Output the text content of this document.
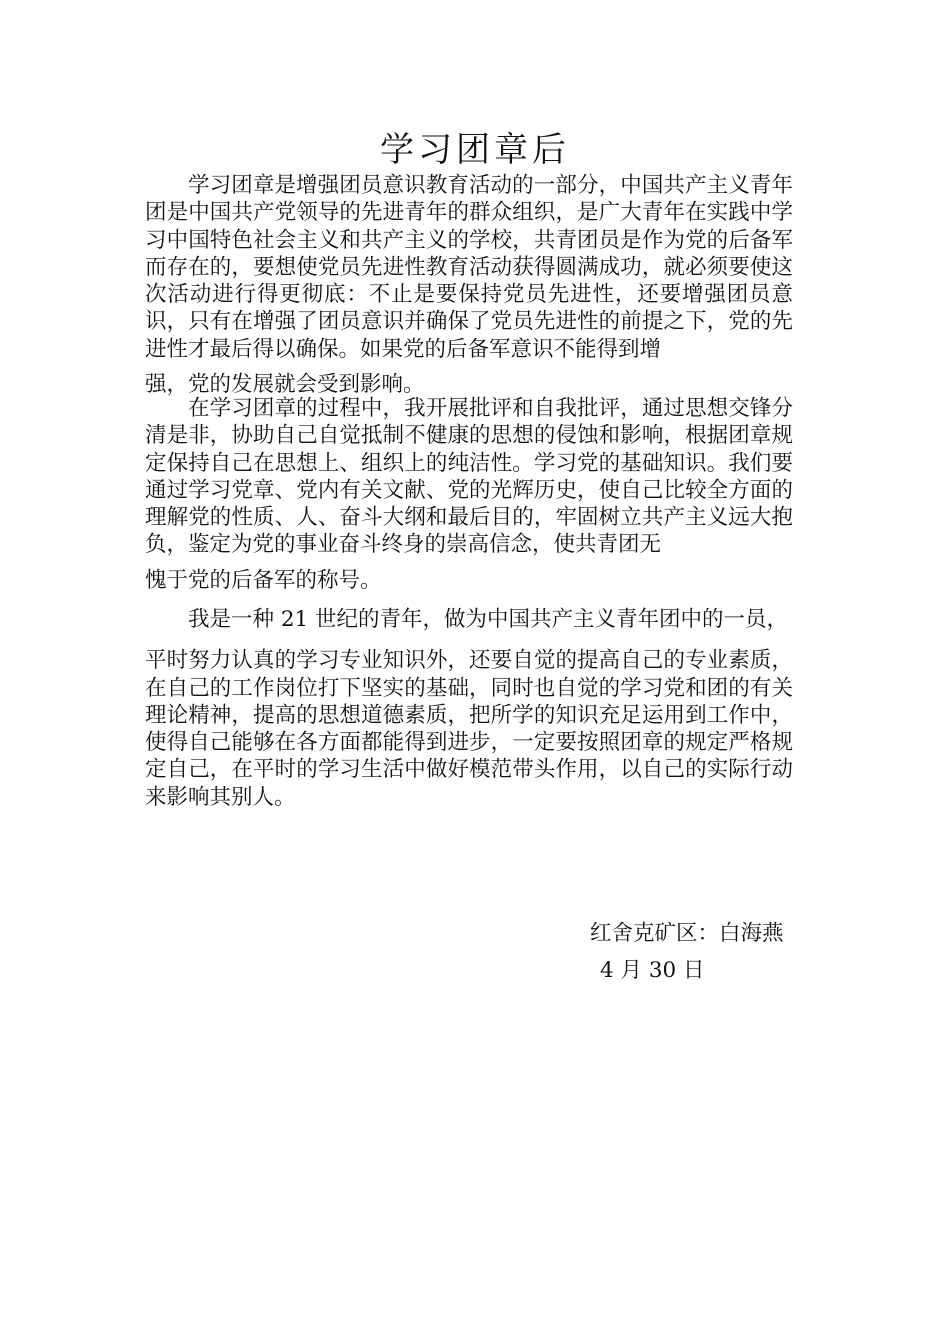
学习团章后

学习团章是增强团员意识教育活动的一部分，中国共产主义青年团是中国共产党领导的先进青年的群众组织，是广大青年在实践中学习中国特色社会主义和共产主义的学校，共青团员是作为党的后备军而存在的，要想使党员先进性教育活动获得圆满成功，就必须要使这次活动进行得更彻底：不止是要保持党员先进性，还要增强团员意识，只有在增强了团员意识并确保了党员先进性的前提之下，党的先进性才最后得以确保。如果党的后备军意识不能得到增
强，党的发展就会受到影响。

在学习团章的过程中，我开展批评和自我批评，通过思想交锋分清是非，协助自己自觉抵制不健康的思想的侵蚀和影响，根据团章规定保持自己在思想上、组织上的纯洁性。学习党的基础知识。我们要通过学习党章、党内有关文献、党的光辉历史，使自己比较全方面的理解党的性质、人、奋斗大纲和最后目的，牢固树立共产主义远大抱负，鉴定为党的事业奋斗终身的崇高信念，使共青团无
愧于党的后备军的称号。

我是一种 21 世纪的青年，做为中国共产主义青年团中的一员，
平时努力认真的学习专业知识外，还要自觉的提高自己的专业素质，在自己的工作岗位打下坚实的基础，同时也自觉的学习党和团的有关理论精神，提高的思想道德素质，把所学的知识充足运用到工作中，使得自己能够在各方面都能得到进步，一定要按照团章的规定严格规定自己，在平时的学习生活中做好模范带头作用，以自己的实际行动来影响其别人。

红舍克矿区：白海燕

4 月 30 日
